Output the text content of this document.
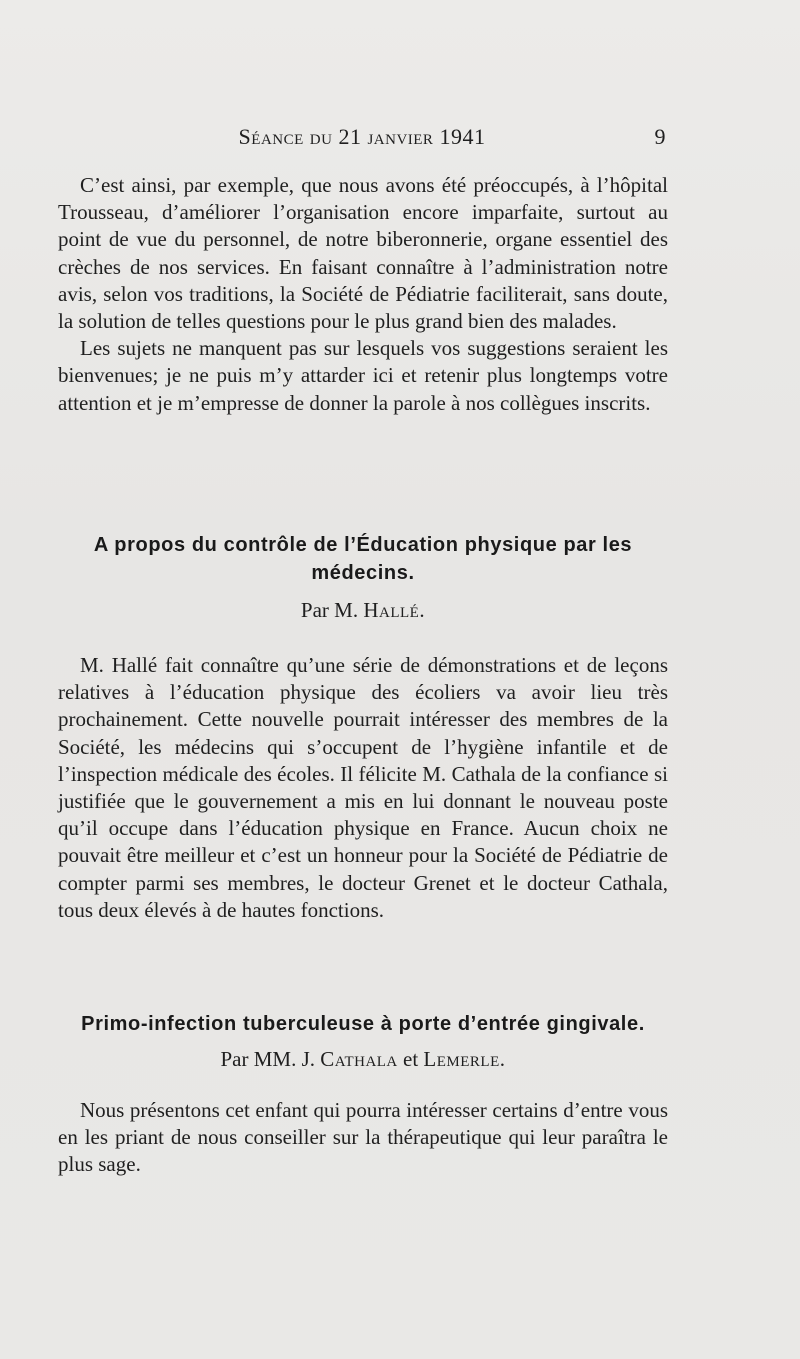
Séance du 21 janvier 1941	9

C’est ainsi, par exemple, que nous avons été préoccupés, à l’hôpital Trousseau, d’améliorer l’organisation encore imparfaite, surtout au point de vue du personnel, de notre biberonnerie, organe essentiel des crèches de nos services. En faisant connaître à l’administration notre avis, selon vos traditions, la Société de Pédiatrie faciliterait, sans doute, la solution de telles questions pour le plus grand bien des malades.

Les sujets ne manquent pas sur lesquels vos suggestions seraient les bienvenues; je ne puis m’y attarder ici et retenir plus longtemps votre attention et je m’empresse de donner la parole à nos collègues inscrits.

A propos du contrôle de l’Éducation physique par les médecins.
Par M. Hallé.

M. Hallé fait connaître qu’une série de démonstrations et de leçons relatives à l’éducation physique des écoliers va avoir lieu très prochainement. Cette nouvelle pourrait intéresser des membres de la Société, les médecins qui s’occupent de l’hygiène infantile et de l’inspection médicale des écoles. Il félicite M. Cathala de la confiance si justifiée que le gouvernement a mis en lui donnant le nouveau poste qu’il occupe dans l’éducation physique en France. Aucun choix ne pouvait être meilleur et c’est un honneur pour la Société de Pédiatrie de compter parmi ses membres, le docteur Grenet et le docteur Cathala, tous deux élevés à de hautes fonctions.

Primo-infection tuberculeuse à porte d’entrée gingivale.
Par MM. J. Cathala et Lemerle.

Nous présentons cet enfant qui pourra intéresser certains d’entre vous en les priant de nous conseiller sur la thérapeutique qui leur paraîtra le plus sage.
